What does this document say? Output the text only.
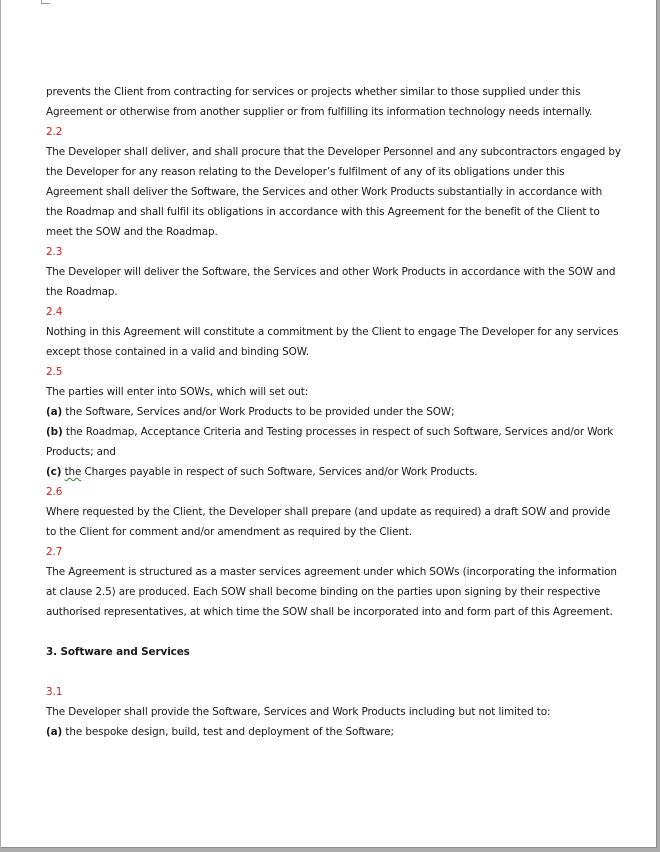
prevents the Client from contracting for services or projects whether similar to those supplied under this Agreement or otherwise from another supplier or from fulfilling its information technology needs internally.

2.2

The Developer shall deliver, and shall procure that the Developer Personnel and any subcontractors engaged by the Developer for any reason relating to the Developer’s fulfilment of any of its obligations under this Agreement shall deliver the Software, the Services and other Work Products substantially in accordance with the Roadmap and shall fulfil its obligations in accordance with this Agreement for the benefit of the Client to meet the SOW and the Roadmap.

2.3

The Developer will deliver the Software, the Services and other Work Products in accordance with the SOW and the Roadmap.

2.4

Nothing in this Agreement will constitute a commitment by the Client to engage The Developer for any services except those contained in a valid and binding SOW.

2.5

The parties will enter into SOWs, which will set out:

(a) the Software, Services and/or Work Products to be provided under the SOW;

(b) the Roadmap, Acceptance Criteria and Testing processes in respect of such Software, Services and/or Work Products; and

(c) the Charges payable in respect of such Software, Services and/or Work Products.

2.6

Where requested by the Client, the Developer shall prepare (and update as required) a draft SOW and provide to the Client for comment and/or amendment as required by the Client.

2.7

The Agreement is structured as a master services agreement under which SOWs (incorporating the information at clause 2.5) are produced. Each SOW shall become binding on the parties upon signing by their respective authorised representatives, at which time the SOW shall be incorporated into and form part of this Agreement.

3. Software and Services

3.1

The Developer shall provide the Software, Services and Work Products including but not limited to:

(a) the bespoke design, build, test and deployment of the Software;
